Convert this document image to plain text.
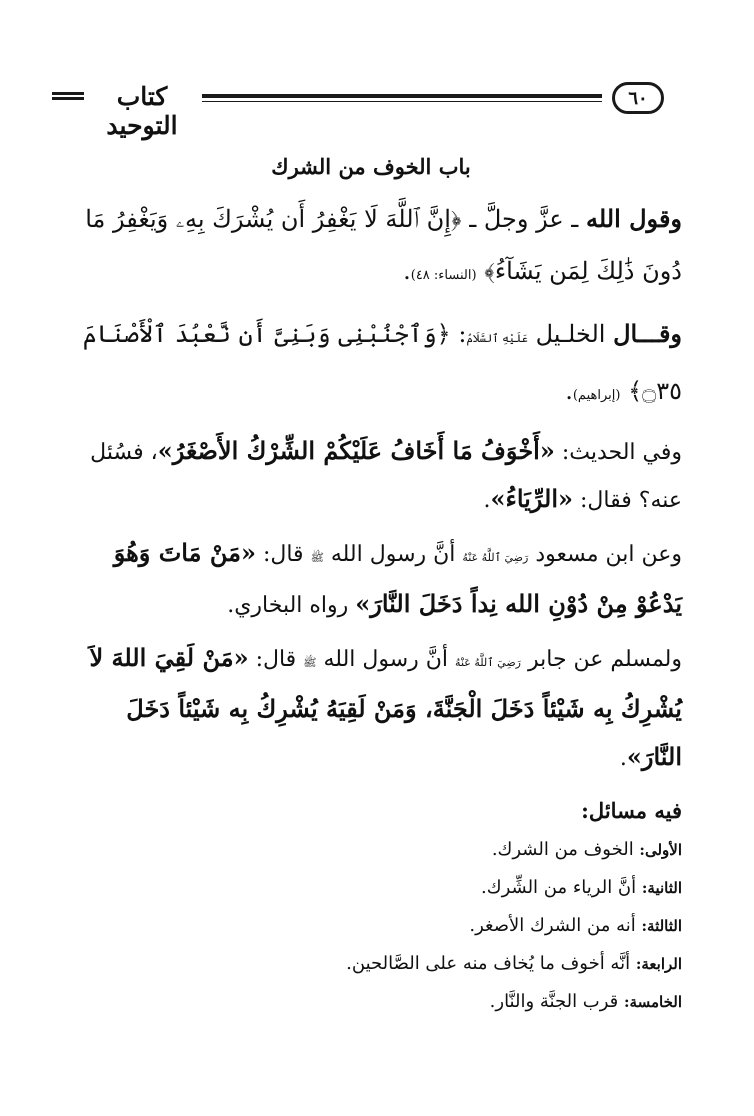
كتاب التوحيد
٦٠
باب الخوف من الشرك
وقول الله ـ عزَّ وجلَّ ـ ﴿إِنَّ ٱللَّهَ لَا يَغْفِرُ أَن يُشْرَكَ بِهِۦ وَيَغْفِرُ مَا دُونَ ذَٰلِكَ لِمَن يَشَآءُ﴾ (النساء: ٤٨).
وقـــال الخلـيل عَلَيْهِ ٱلسَّلَامُ: ﴿وَٱجْنُبْنِى وَبَنِىَّ أَن نَّعْبُدَ ٱلْأَصْنَامَ ۝٣٥﴾ (إبراهيم).
وفي الحديث: «أَخْوَفُ مَا أَخَافُ عَلَيْكُمْ الشِّرْكُ الأَصْغَرُ»، فسُئل عنه؟ فقال: «الرِّيَاءُ».
وعن ابن مسعود رَضِيَ ٱللَّهُ عَنْهُ أنَّ رسول الله ﷺ قال: «مَنْ مَاتَ وَهُوَ يَدْعُوْ مِنْ دُوْنِ الله نِداً دَخَلَ النَّارَ» رواه البخاري.
ولمسلم عن جابر رَضِيَ ٱللَّهُ عَنْهُ أنَّ رسول الله ﷺ قال: «مَنْ لَقِيَ اللهَ لاَ يُشْرِكُ بِه شَيْئاً دَخَلَ الْجَنَّةَ، وَمَنْ لَقِيَهُ يُشْرِكُ بِه شَيْئاً دَخَلَ النَّارَ».
فيه مسائل:
الأولى: الخوف من الشرك.
الثانية: أنَّ الرياء من الشِّرك.
الثالثة: أنه من الشرك الأصغر.
الرابعة: أنَّه أخوف ما يُخاف منه على الصَّالحين.
الخامسة: قرب الجنَّة والنَّار.
